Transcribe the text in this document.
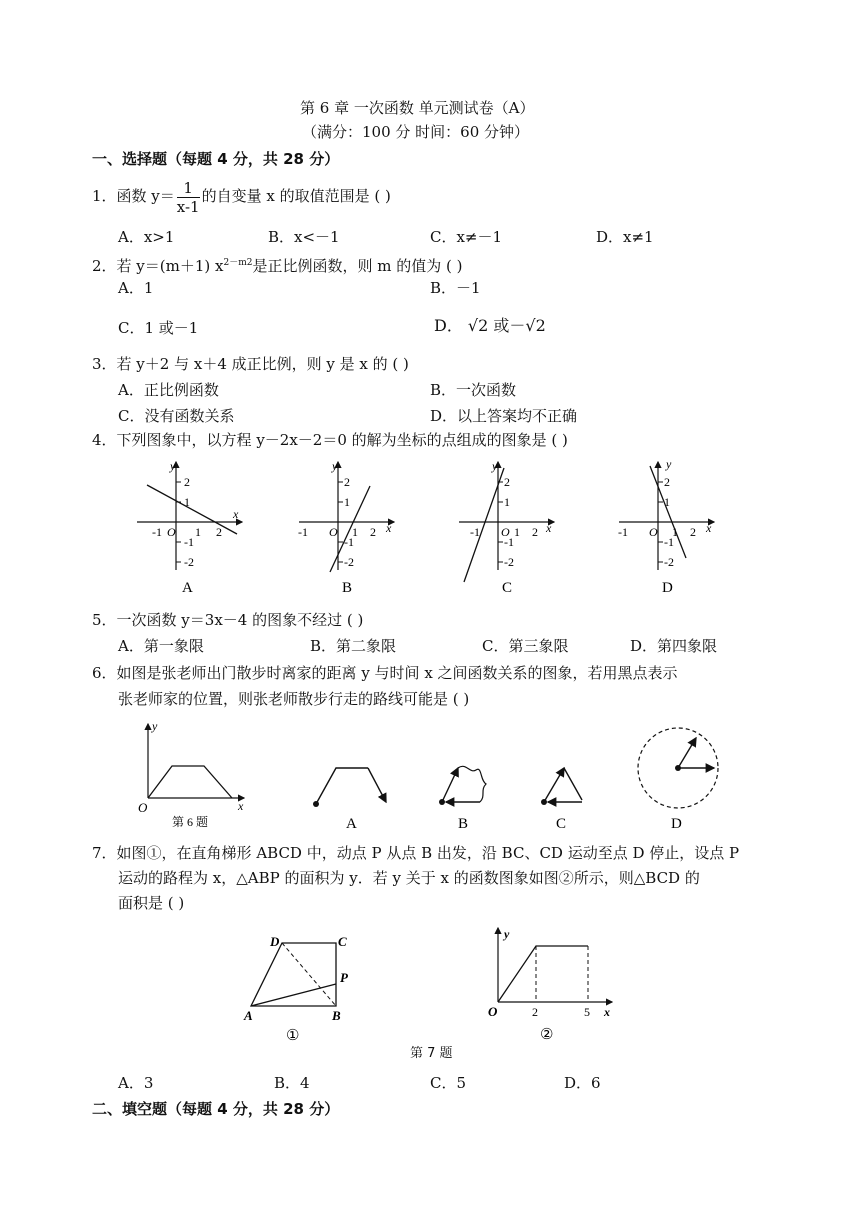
第 6 章 一次函数 单元测试卷（A）
（满分：100 分 时间：60 分钟）
一、选择题（每题 4 分，共 28 分）
1．函数 $y= \frac{1}{x-1}$ 的自变量 x 的取值范围是 ( )
A．x>1	B．x<－1	C．x≠－1	D．x≠1
2．若 y＝(m＋1) $x^{2-m2}$是正比例函数，则 m 的值为 ( )
A．1	B．－1
C．1 或－1	D． √2 或－√2
3．若 y＋2 与 x＋4 成正比例，则 y 是 x 的 ( )
A．正比例函数	B．一次函数
C．没有函数关系	D．以上答案均不正确
4．下列图象中，以方程 y－2x－2＝0 的解为坐标的点组成的图象是 ( )
y
x
O
-1	1 2
2
1
-1
-2
A
y
x
O
-1	1 2
2
1
-1
-2
B
y
x
O
-1	1 2
2
1
-1
-2
C
y
x
O
-1	1 2
2
1
-1
-2
D
5．一次函数 y＝3x－4 的图象不经过 ( )
A．第一象限	B．第二象限	C．第三象限	D．第四象限
6．如图是张老师出门散步时离家的距离 y 与时间 x 之间函数关系的图象，若用黑点表示
张老师家的位置，则张老师散步行走的路线可能是 ( )
y
x
O
第 6 题	A	B	C	D
7．如图①，在直角梯形 ABCD 中，动点 P 从点 B 出发，沿 BC、CD 运动至点 D 停止，设点 P
运动的路程为 x，△ABP 的面积为 y．若 y 关于 x 的函数图象如图②所示，则△BCD 的
面积是 ( )
D	C
P
A	B
①
y
x
O	2	5
②
第 7 题
A．3	B．4	C．5	D．6
二、填空题（每题 4 分，共 28 分）
